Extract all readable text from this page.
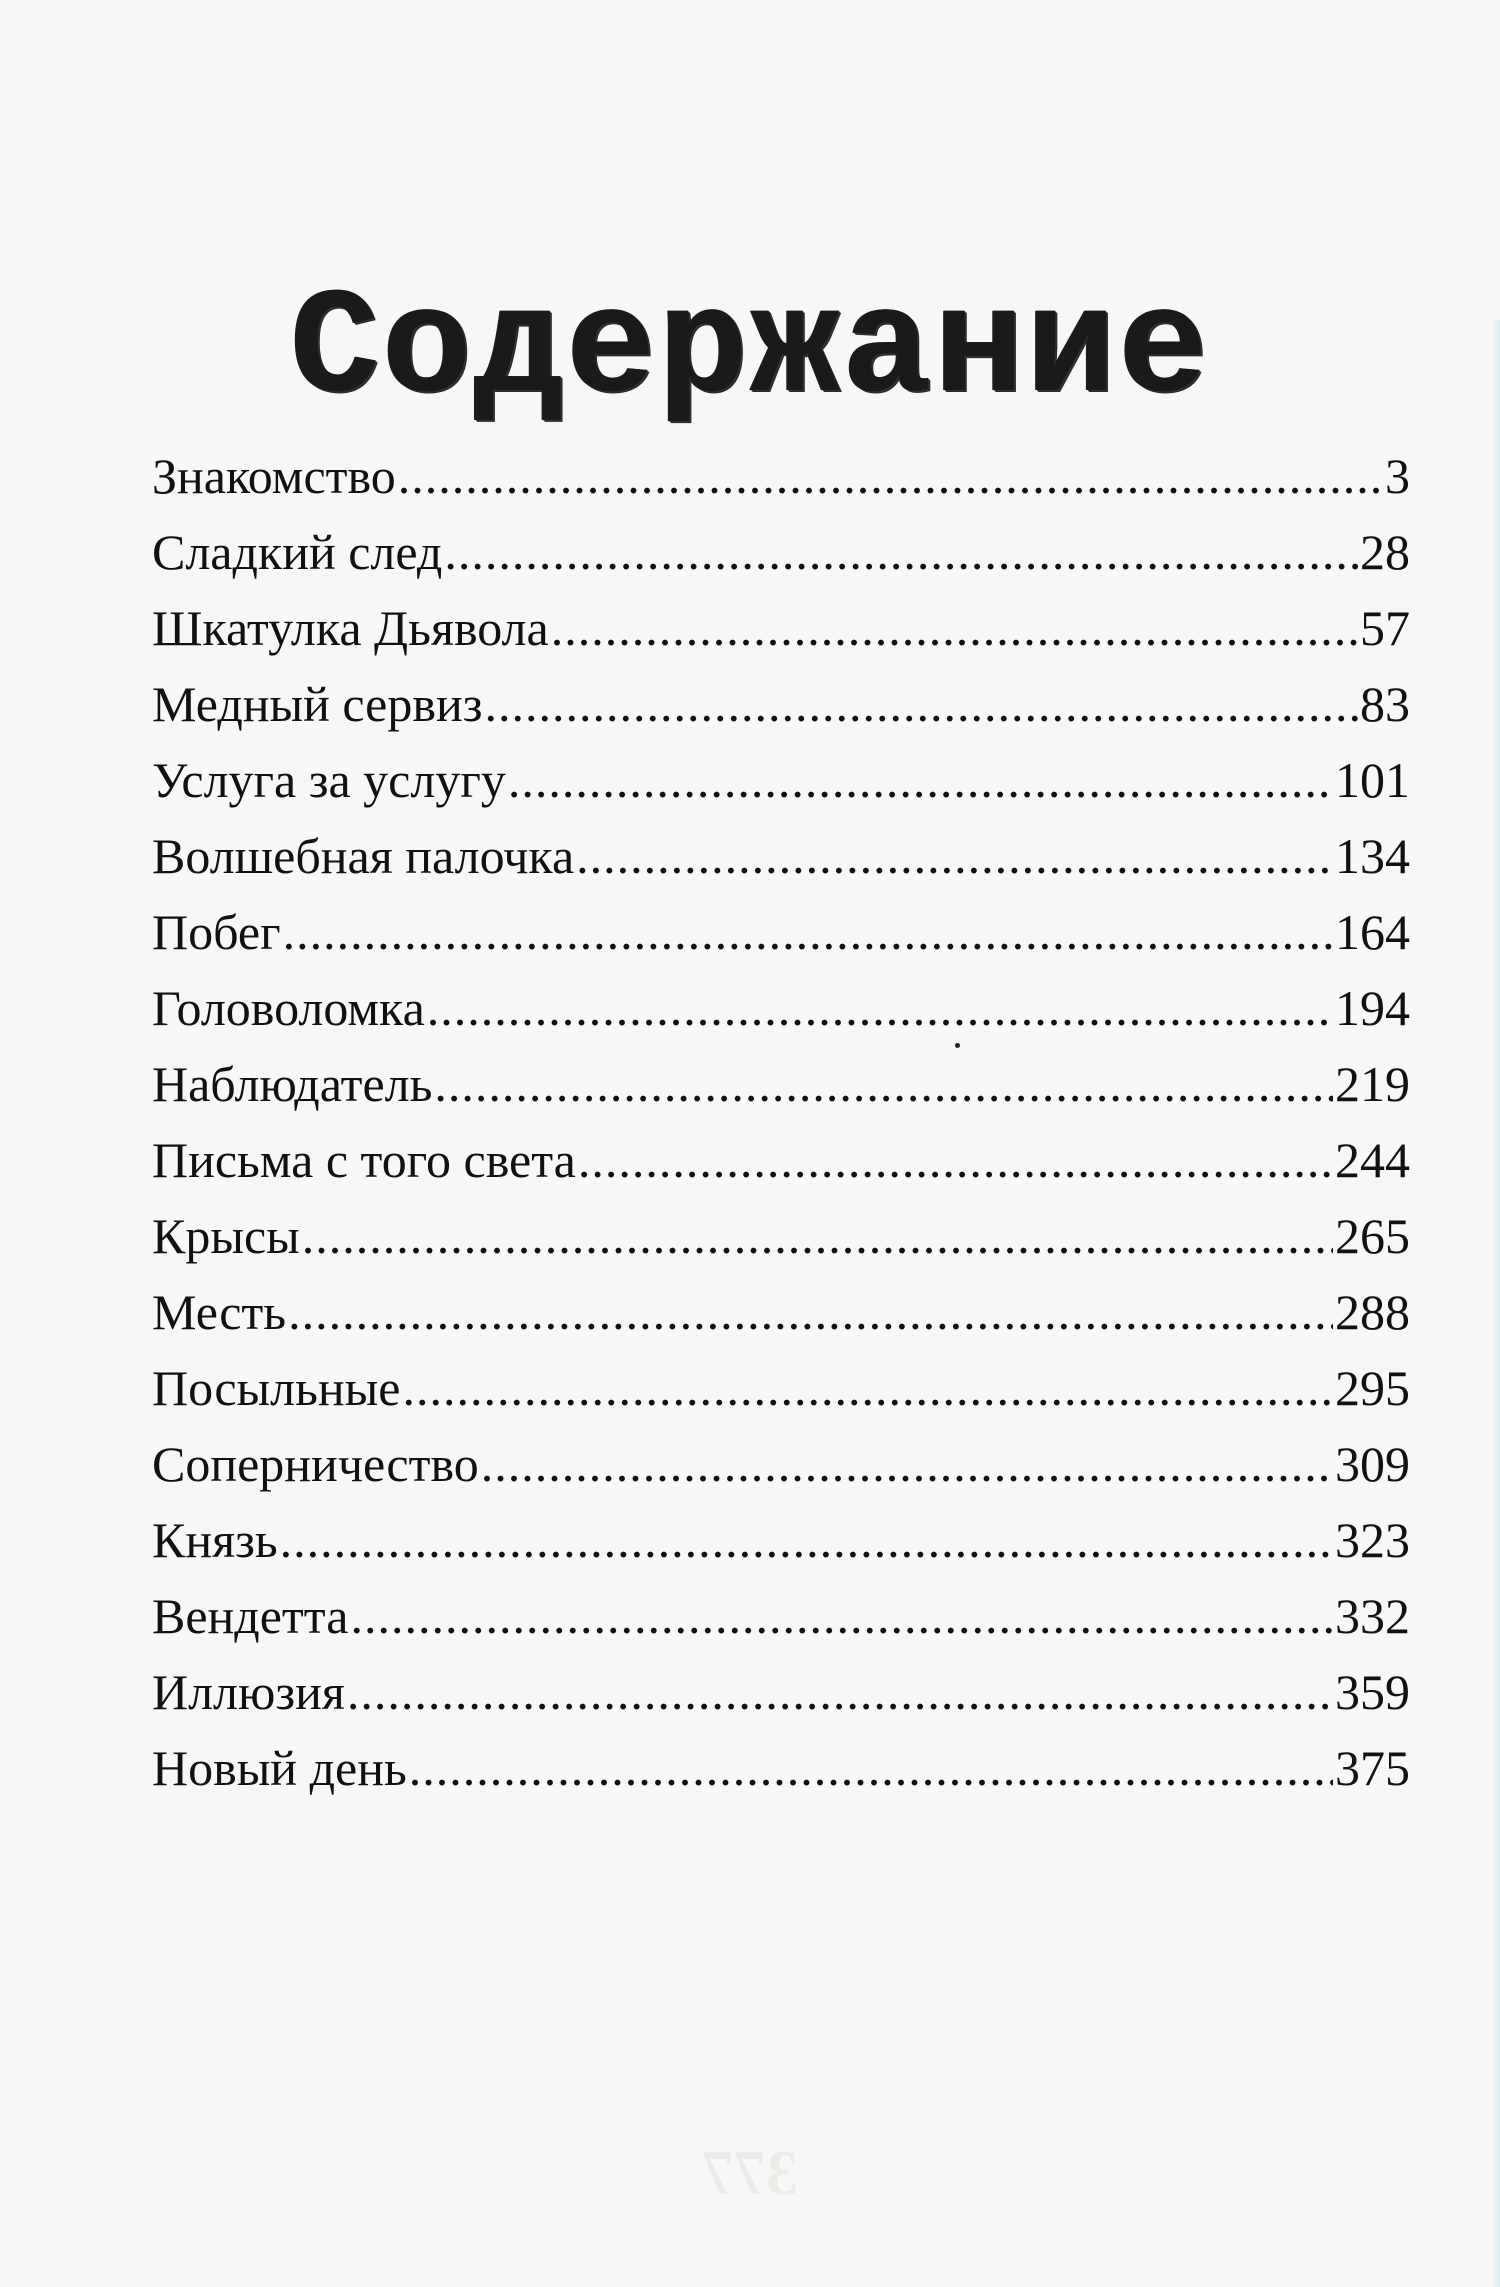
Содержание
Знакомство .....	3
Сладкий след .....	28
Шкатулка Дьявола .....	57
Медный сервиз .....	83
Услуга за услугу .....	101
Волшебная палочка .....	134
Побег .....	164
Головоломка .....	194
Наблюдатель .....	219
Письма с того света .....	244
Крысы .....	265
Месть .....	288
Посыльные .....	295
Соперничество .....	309
Князь .....	323
Вендетта .....	332
Иллюзия .....	359
Новый день .....	375
377
